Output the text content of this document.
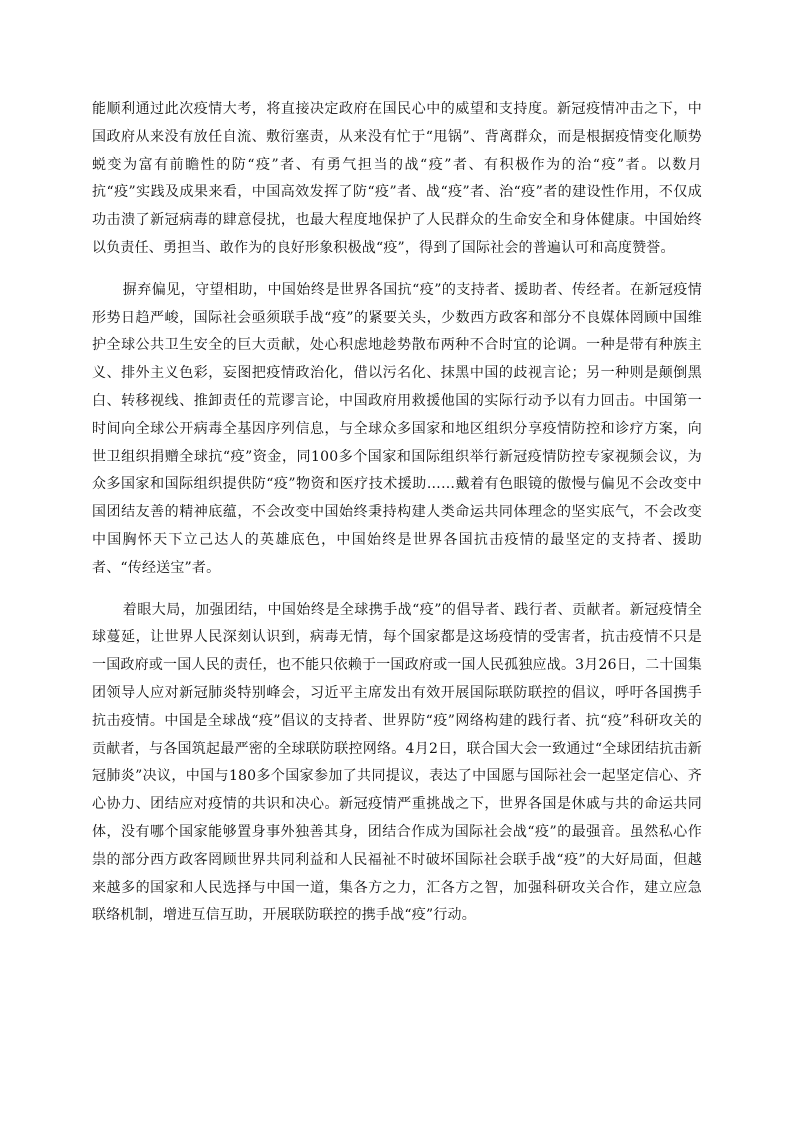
能顺利通过此次疫情大考，将直接决定政府在国民心中的威望和支持度。新冠疫情冲击之下，中国政府从来没有放任自流、敷衍塞责，从来没有忙于“甩锅”、背离群众，而是根据疫情变化顺势蜕变为富有前瞻性的防“疫”者、有勇气担当的战“疫”者、有积极作为的治“疫”者。以数月抗“疫”实践及成果来看，中国高效发挥了防“疫”者、战“疫”者、治“疫”者的建设性作用，不仅成功击溃了新冠病毒的肆意侵扰，也最大程度地保护了人民群众的生命安全和身体健康。中国始终以负责任、勇担当、敢作为的良好形象积极战“疫”，得到了国际社会的普遍认可和高度赞誉。

摒弃偏见，守望相助，中国始终是世界各国抗“疫”的支持者、援助者、传经者。在新冠疫情形势日趋严峻，国际社会亟须联手战“疫”的紧要关头，少数西方政客和部分不良媒体罔顾中国维护全球公共卫生安全的巨大贡献，处心积虑地趁势散布两种不合时宜的论调。一种是带有种族主义、排外主义色彩，妄图把疫情政治化，借以污名化、抹黑中国的歧视言论；另一种则是颠倒黑白、转移视线、推卸责任的荒谬言论，中国政府用救援他国的实际行动予以有力回击。中国第一时间向全球公开病毒全基因序列信息，与全球众多国家和地区组织分享疫情防控和诊疗方案，向世卫组织捐赠全球抗“疫”资金，同100多个国家和国际组织举行新冠疫情防控专家视频会议，为众多国家和国际组织提供防“疫”物资和医疗技术援助……戴着有色眼镜的傲慢与偏见不会改变中国团结友善的精神底蕴，不会改变中国始终秉持构建人类命运共同体理念的坚实底气，不会改变中国胸怀天下立己达人的英雄底色，中国始终是世界各国抗击疫情的最坚定的支持者、援助者、“传经送宝”者。

着眼大局，加强团结，中国始终是全球携手战“疫”的倡导者、践行者、贡献者。新冠疫情全球蔓延，让世界人民深刻认识到，病毒无情，每个国家都是这场疫情的受害者，抗击疫情不只是一国政府或一国人民的责任，也不能只依赖于一国政府或一国人民孤独应战。3月26日，二十国集团领导人应对新冠肺炎特别峰会，习近平主席发出有效开展国际联防联控的倡议，呼吁各国携手抗击疫情。中国是全球战“疫”倡议的支持者、世界防“疫”网络构建的践行者、抗“疫”科研攻关的贡献者，与各国筑起最严密的全球联防联控网络。4月2日，联合国大会一致通过“全球团结抗击新冠肺炎”决议，中国与180多个国家参加了共同提议，表达了中国愿与国际社会一起坚定信心、齐心协力、团结应对疫情的共识和决心。新冠疫情严重挑战之下，世界各国是休戚与共的命运共同体，没有哪个国家能够置身事外独善其身，团结合作成为国际社会战“疫”的最强音。虽然私心作祟的部分西方政客罔顾世界共同利益和人民福祉不时破坏国际社会联手战“疫”的大好局面，但越来越多的国家和人民选择与中国一道，集各方之力，汇各方之智，加强科研攻关合作，建立应急联络机制，增进互信互助，开展联防联控的携手战“疫”行动。
